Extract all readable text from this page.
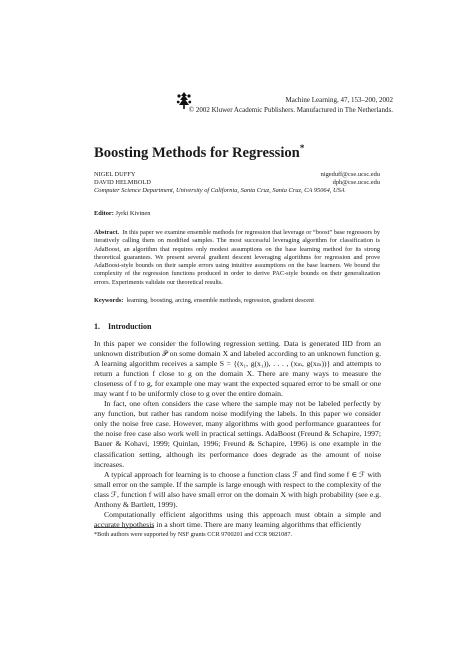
Machine Learning, 47, 153–200, 2002
© 2002 Kluwer Academic Publishers. Manufactured in The Netherlands.
Boosting Methods for Regression*
NIGEL DUFFY	nigeduff@cse.ucsc.edu
DAVID HELMBOLD	dph@cse.ucsc.edu
Computer Science Department, University of California, Santa Cruz, Santa Cruz, CA 95064, USA
Editor: Jyrki Kivinen
Abstract. In this paper we examine ensemble methods for regression that leverage or “boost” base regressors by iteratively calling them on modified samples. The most successful leveraging algorithm for classification is AdaBoost, an algorithm that requires only modest assumptions on the base learning method for its strong theoretical guarantees. We present several gradient descent leveraging algorithms for regression and prove AdaBoost-style bounds on their sample errors using intuitive assumptions on the base learners. We bound the complexity of the regression functions produced in order to derive PAC-style bounds on their generalization errors. Experiments validate our theoretical results.
Keywords: learning, boosting, arcing, ensemble methods, regression, gradient descent
1. Introduction

In this paper we consider the following regression setting. Data is generated IID from an unknown distribution 𝒫 on some domain X and labeled according to an unknown function g. A learning algorithm receives a sample S = {(x₁, g(x₁)), . . . , (xₘ, g(xₘ))} and attempts to return a function f close to g on the domain X. There are many ways to measure the closeness of f to g, for example one may want the expected squared error to be small or one may want f to be uniformly close to g over the entire domain.

In fact, one often considers the case where the sample may not be labeled perfectly by any function, but rather has random noise modifying the labels. In this paper we consider only the noise free case. However, many algorithms with good performance guarantees for the noise free case also work well in practical settings. AdaBoost (Freund & Schapire, 1997; Bauer & Kohavi, 1999; Quinlan, 1996; Freund & Schapire, 1996) is one example in the classification setting, although its performance does degrade as the amount of noise increases.

A typical approach for learning is to choose a function class ℱ and find some f ∈ ℱ with small error on the sample. If the sample is large enough with respect to the complexity of the class ℱ, function f will also have small error on the domain X with high probability (see e.g. Anthony & Bartlett, 1999).

Computationally efficient algorithms using this approach must obtain a simple and accurate hypothesis in a short time. There are many learning algorithms that efficiently

*Both authors were supported by NSF grants CCR 9700201 and CCR 9821087.
